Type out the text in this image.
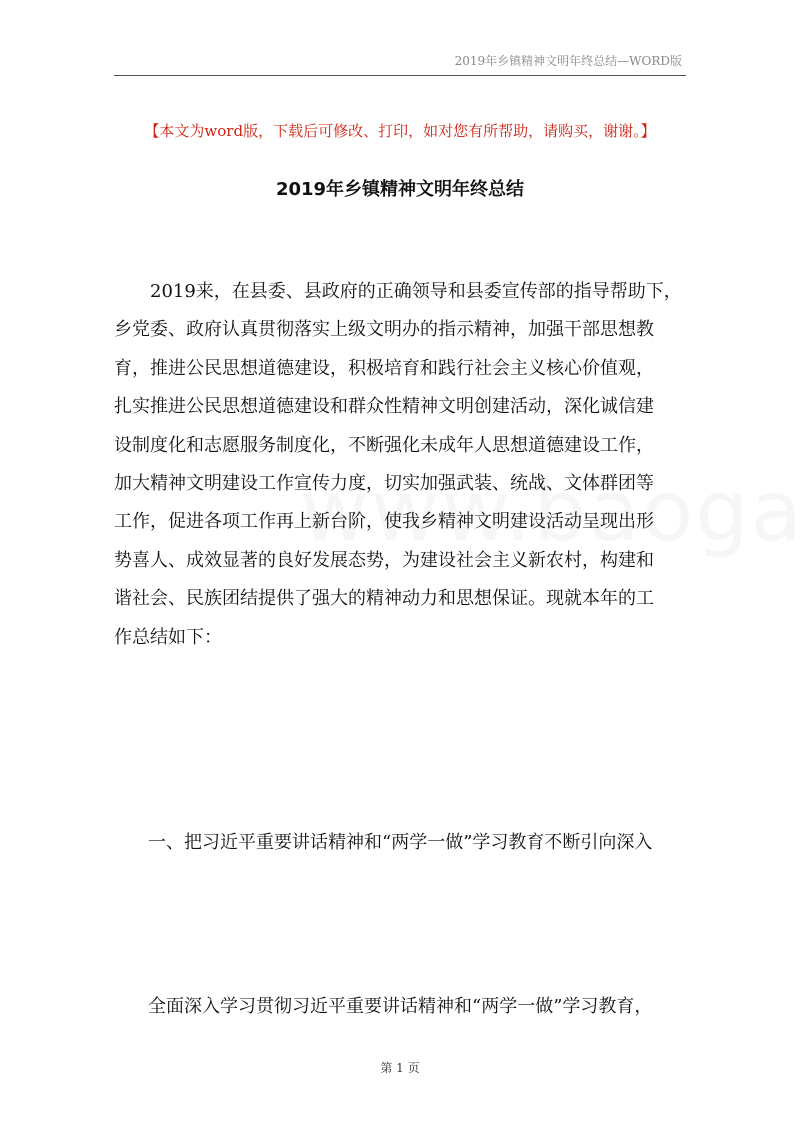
2019年乡镇精神文明年终总结—WORD版
【本文为word版，下载后可修改、打印，如对您有所帮助，请购买，谢谢。】
2019年乡镇精神文明年终总结
　　2019来，在县委、县政府的正确领导和县委宣传部的指导帮助下，
乡党委、政府认真贯彻落实上级文明办的指示精神，加强干部思想教
育，推进公民思想道德建设，积极培育和践行社会主义核心价值观，
扎实推进公民思想道德建设和群众性精神文明创建活动，深化诚信建
设制度化和志愿服务制度化，不断强化未成年人思想道德建设工作，
加大精神文明建设工作宣传力度，切实加强武装、统战、文体群团等
工作，促进各项工作再上新台阶，使我乡精神文明建设活动呈现出形
势喜人、成效显著的良好发展态势，为建设社会主义新农村，构建和
谐社会、民族团结提供了强大的精神动力和思想保证。现就本年的工
作总结如下：
一、把习近平重要讲话精神和“两学一做”学习教育不断引向深入
全面深入学习贯彻习近平重要讲话精神和“两学一做”学习教育，
第 1 页
